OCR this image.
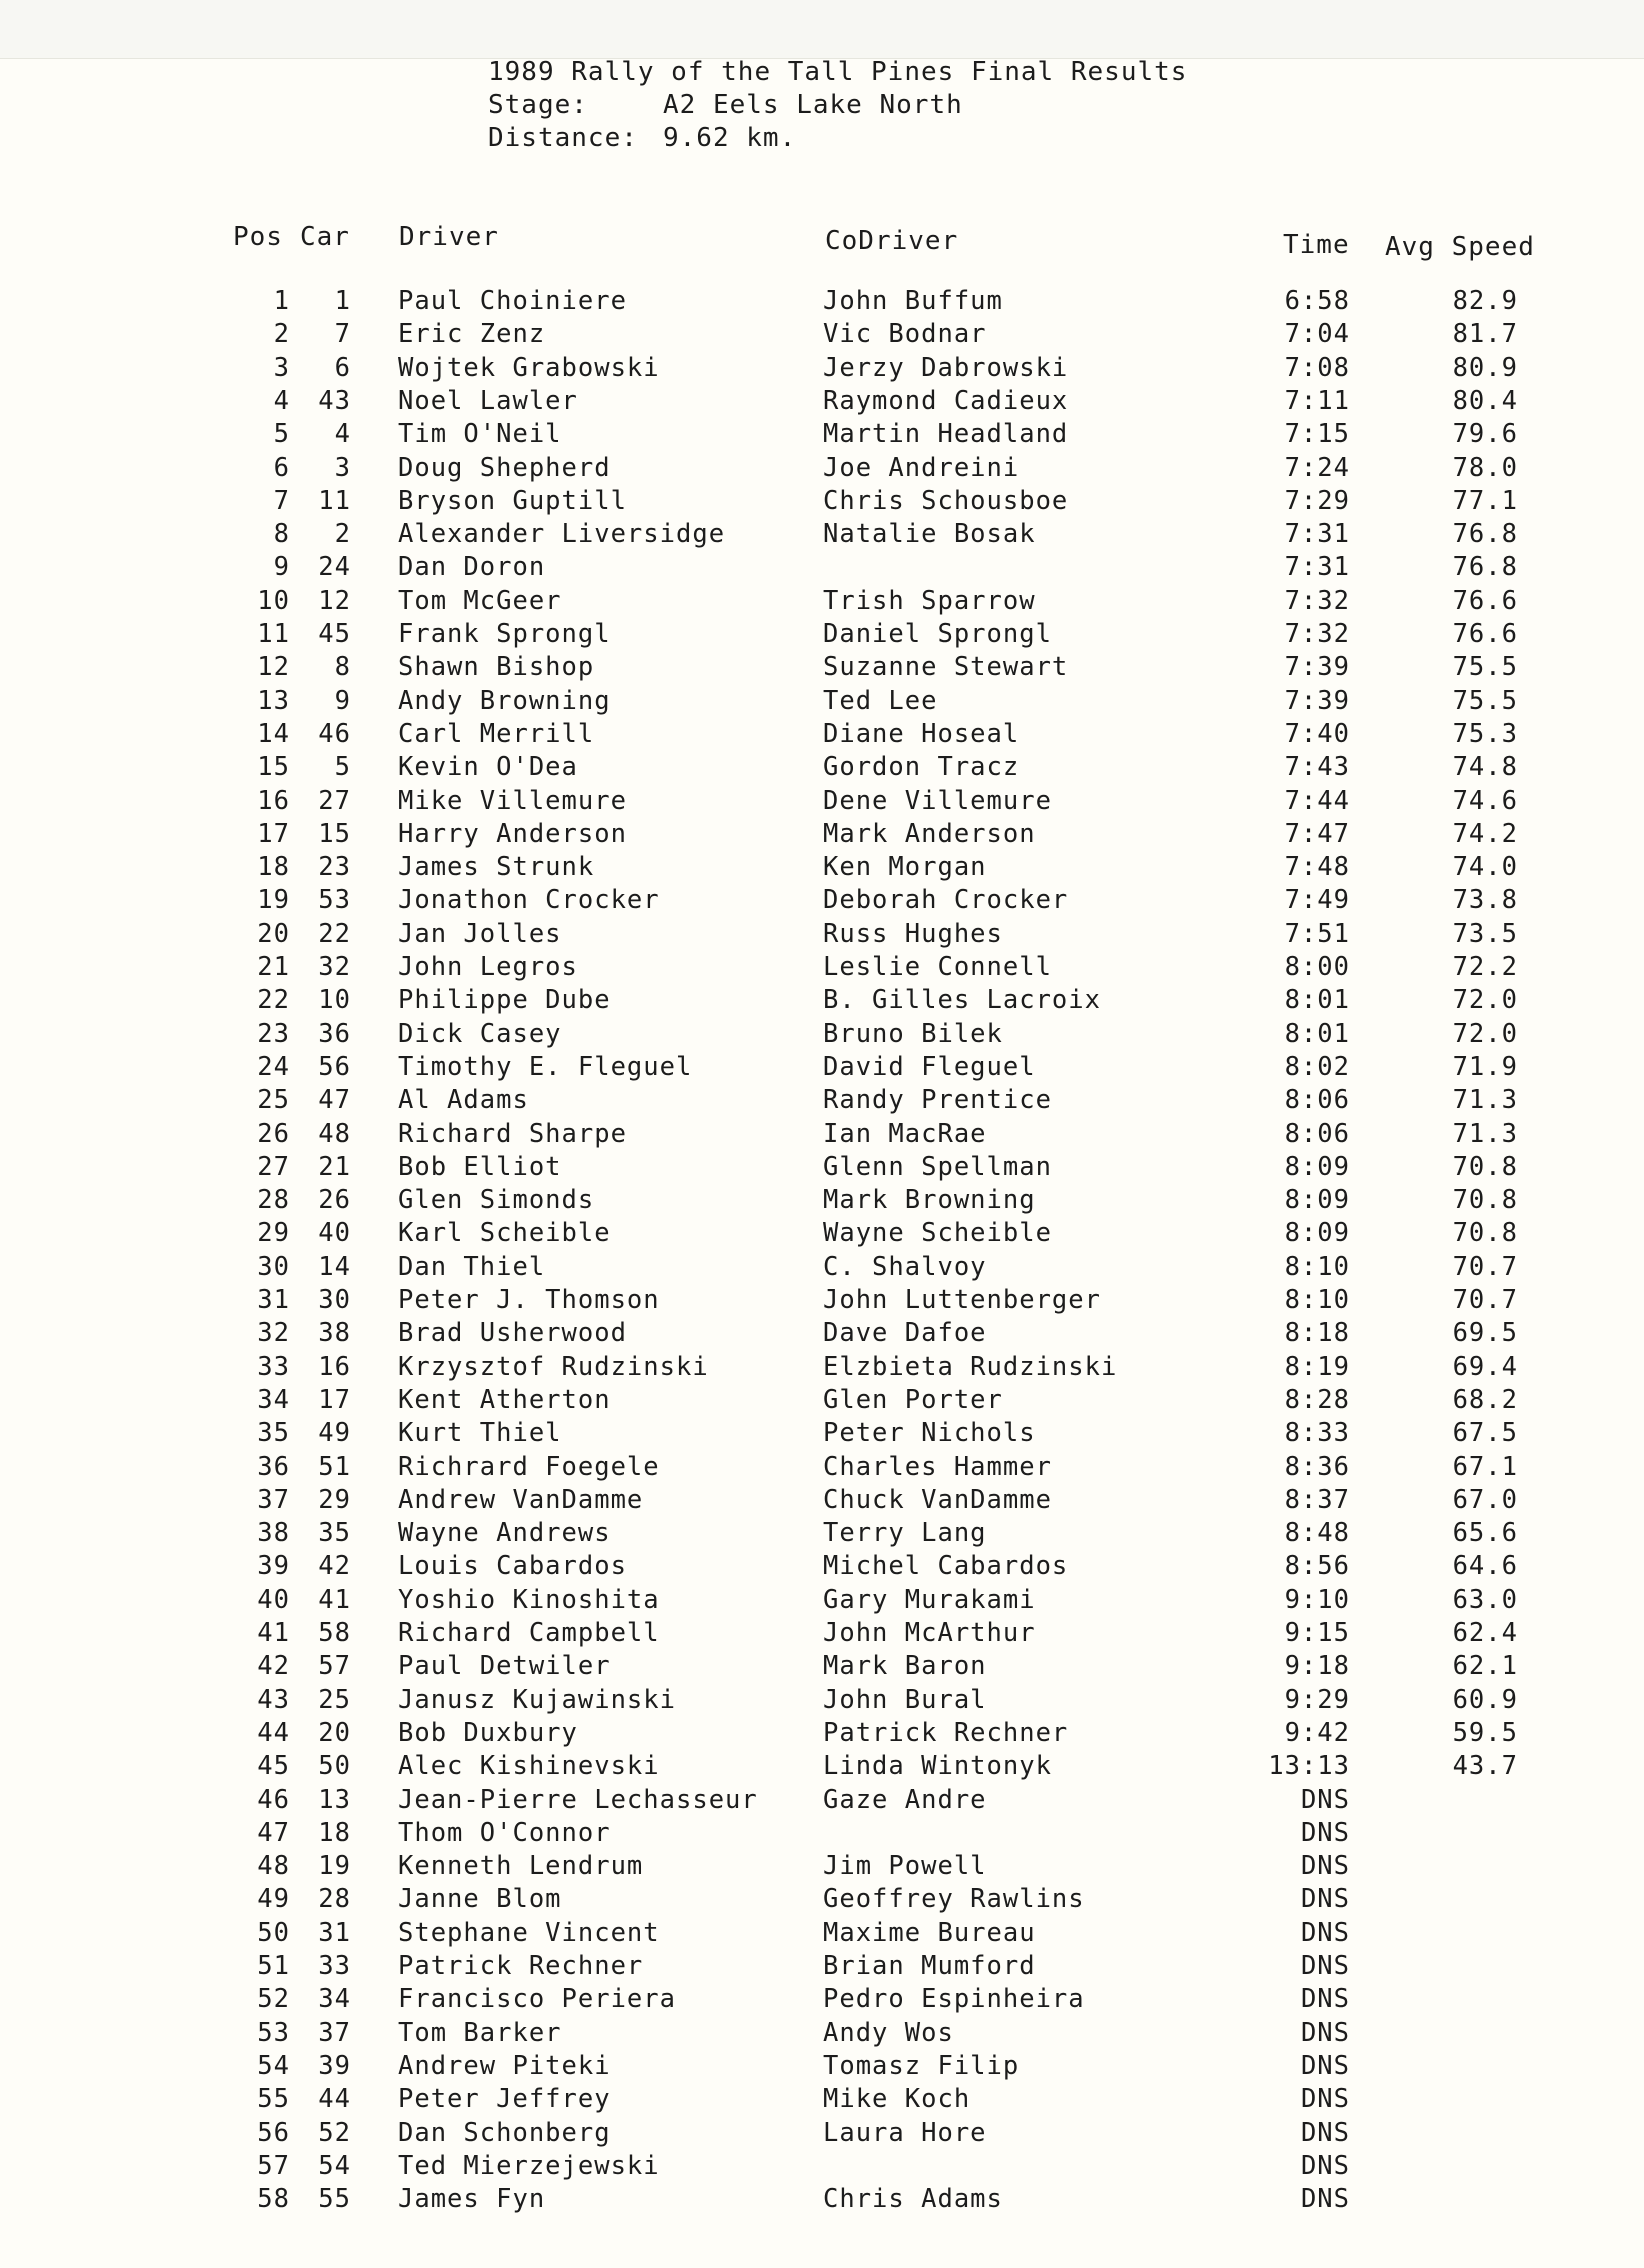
1989 Rally of the Tall Pines Final Results
Stage:	A2 Eels Lake North
Distance: 9.62 km.
Pos Car Driver	CoDriver	Time Avg Speed
1	1 Paul Choiniere	John Buffum	6:58	82.9
2	7 Eric Zenz	Vic Bodnar	7:04	81.7
3	6 Wojtek Grabowski	Jerzy Dabrowski	7:08	80.9
4	43 Noel Lawler	Raymond Cadieux	7:11	80.4
5	4 Tim O'Neil	Martin Headland	7:15	79.6
6	3 Doug Shepherd	Joe Andreini	7:24	78.0
7	11 Bryson Guptill	Chris Schousboe	7:29	77.1
8	2 Alexander Liversidge	Natalie Bosak	7:31	76.8
9	24 Dan Doron	7:31	76.8
10	12 Tom McGeer	Trish Sparrow	7:32	76.6
11	45 Frank Sprongl	Daniel Sprongl	7:32	76.6
12	8 Shawn Bishop	Suzanne Stewart	7:39	75.5
13	9 Andy Browning	Ted Lee	7:39	75.5
14	46 Carl Merrill	Diane Hoseal	7:40	75.3
15	5 Kevin O'Dea	Gordon Tracz	7:43	74.8
16	27 Mike Villemure	Dene Villemure	7:44	74.6
17	15 Harry Anderson	Mark Anderson	7:47	74.2
18	23 James Strunk	Ken Morgan	7:48	74.0
19	53 Jonathon Crocker	Deborah Crocker	7:49	73.8
20	22 Jan Jolles	Russ Hughes	7:51	73.5
21	32 John Legros	Leslie Connell	8:00	72.2
22	10 Philippe Dube	B. Gilles Lacroix	8:01	72.0
23	36 Dick Casey	Bruno Bilek	8:01	72.0
24	56 Timothy E. Fleguel	David Fleguel	8:02	71.9
25	47 Al Adams	Randy Prentice	8:06	71.3
26	48 Richard Sharpe	Ian MacRae	8:06	71.3
27	21 Bob Elliot	Glenn Spellman	8:09	70.8
28	26 Glen Simonds	Mark Browning	8:09	70.8
29	40 Karl Scheible	Wayne Scheible	8:09	70.8
30	14 Dan Thiel	C. Shalvoy	8:10	70.7
31	30 Peter J. Thomson	John Luttenberger	8:10	70.7
32	38 Brad Usherwood	Dave Dafoe	8:18	69.5
33	16 Krzysztof Rudzinski	Elzbieta Rudzinski	8:19	69.4
34	17 Kent Atherton	Glen Porter	8:28	68.2
35	49 Kurt Thiel	Peter Nichols	8:33	67.5
36	51 Richrard Foegele	Charles Hammer	8:36	67.1
37	29 Andrew VanDamme	Chuck VanDamme	8:37	67.0
38	35 Wayne Andrews	Terry Lang	8:48	65.6
39	42 Louis Cabardos	Michel Cabardos	8:56	64.6
40	41 Yoshio Kinoshita	Gary Murakami	9:10	63.0
41	58 Richard Campbell	John McArthur	9:15	62.4
42	57 Paul Detwiler	Mark Baron	9:18	62.1
43	25 Janusz Kujawinski	John Bural	9:29	60.9
44	20 Bob Duxbury	Patrick Rechner	9:42	59.5
45	50 Alec Kishinevski	Linda Wintonyk	13:13	43.7
46	13 Jean-Pierre Lechasseur	Gaze Andre	DNS
47	18 Thom O'Connor	DNS
48	19 Kenneth Lendrum	Jim Powell	DNS
49	28 Janne Blom	Geoffrey Rawlins	DNS
50	31 Stephane Vincent	Maxime Bureau	DNS
51	33 Patrick Rechner	Brian Mumford	DNS
52	34 Francisco Periera	Pedro Espinheira	DNS
53	37 Tom Barker	Andy Wos	DNS
54	39 Andrew Piteki	Tomasz Filip	DNS
55	44 Peter Jeffrey	Mike Koch	DNS
56	52 Dan Schonberg	Laura Hore	DNS
57	54 Ted Mierzejewski	DNS
58	55 James Fyn	Chris Adams	DNS
